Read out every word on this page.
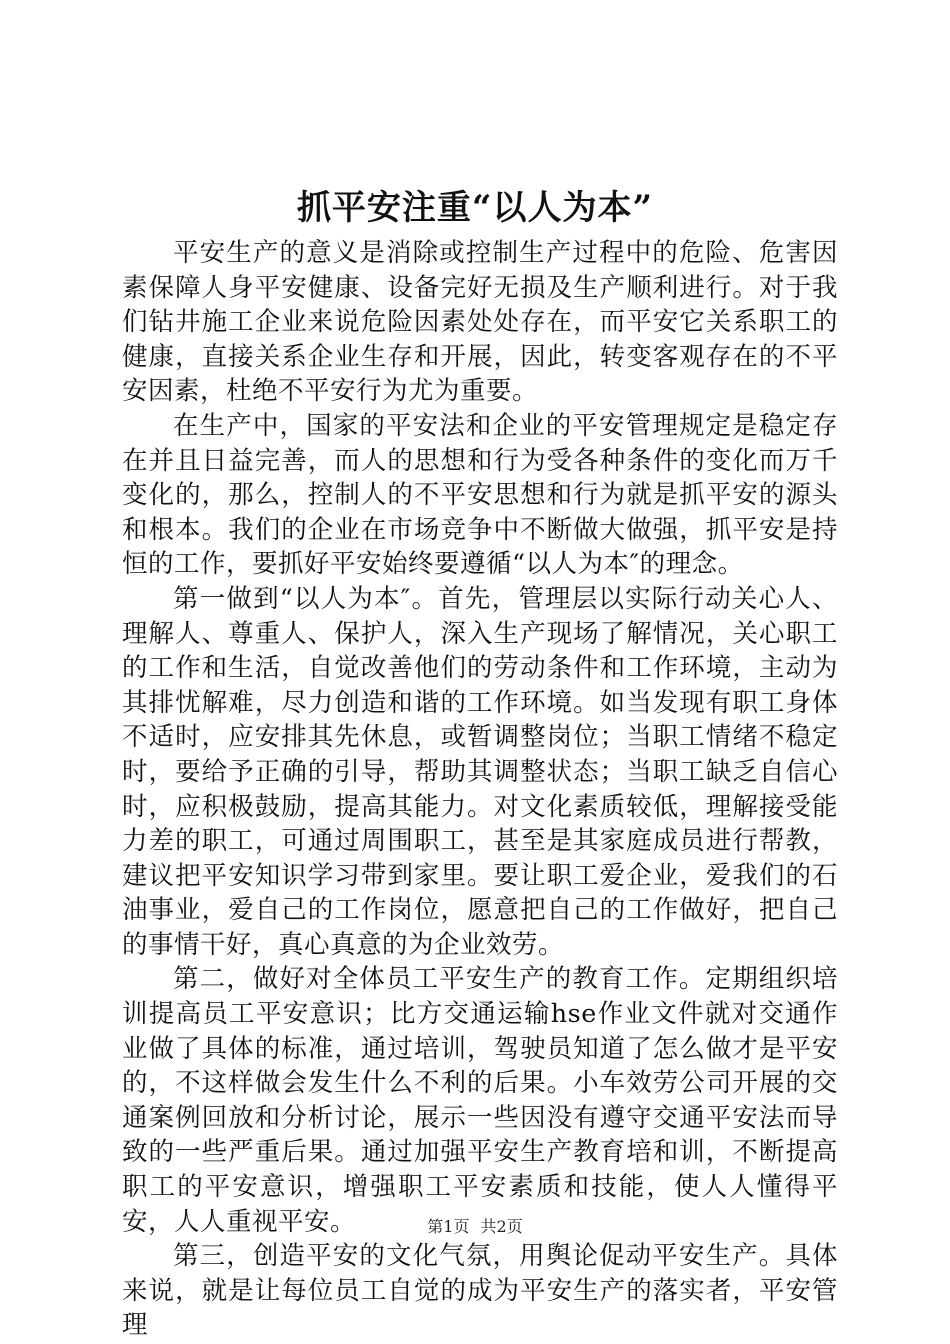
抓平安注重“以人为本”

平安生产的意义是消除或控制生产过程中的危险、危害因素保障人身平安健康、设备完好无损及生产顺利进行。对于我们钻井施工企业来说危险因素处处存在，而平安它关系职工的健康，直接关系企业生存和开展，因此，转变客观存在的不平安因素，杜绝不平安行为尤为重要。

在生产中，国家的平安法和企业的平安管理规定是稳定存在并且日益完善，而人的思想和行为受各种条件的变化而万千变化的，那么，控制人的不平安思想和行为就是抓平安的源头和根本。我们的企业在市场竞争中不断做大做强，抓平安是持恒的工作，要抓好平安始终要遵循“以人为本″的理念。

第一做到“以人为本″。首先，管理层以实际行动关心人、理解人、尊重人、保护人，深入生产现场了解情况，关心职工的工作和生活，自觉改善他们的劳动条件和工作环境，主动为其排忧解难，尽力创造和谐的工作环境。如当发现有职工身体不适时，应安排其先休息，或暂调整岗位；当职工情绪不稳定时，要给予正确的引导，帮助其调整状态；当职工缺乏自信心时，应积极鼓励，提高其能力。对文化素质较低，理解接受能力差的职工，可通过周围职工，甚至是其家庭成员进行帮教，建议把平安知识学习带到家里。要让职工爱企业，爱我们的石油事业，爱自己的工作岗位，愿意把自己的工作做好，把自己的事情干好，真心真意的为企业效劳。

第二，做好对全体员工平安生产的教育工作。定期组织培训提高员工平安意识；比方交通运输hse作业文件就对交通作业做了具体的标准，通过培训，驾驶员知道了怎么做才是平安的，不这样做会发生什么不利的后果。小车效劳公司开展的交通案例回放和分析讨论，展示一些因没有遵守交通平安法而导致的一些严重后果。通过加强平安生产教育培和训，不断提高职工的平安意识，增强职工平安素质和技能，使人人懂得平安，人人重视平安。

第三，创造平安的文化气氛，用舆论促动平安生产。具体来说，就是让每位员工自觉的成为平安生产的落实者，平安管理

第1页 共2页
